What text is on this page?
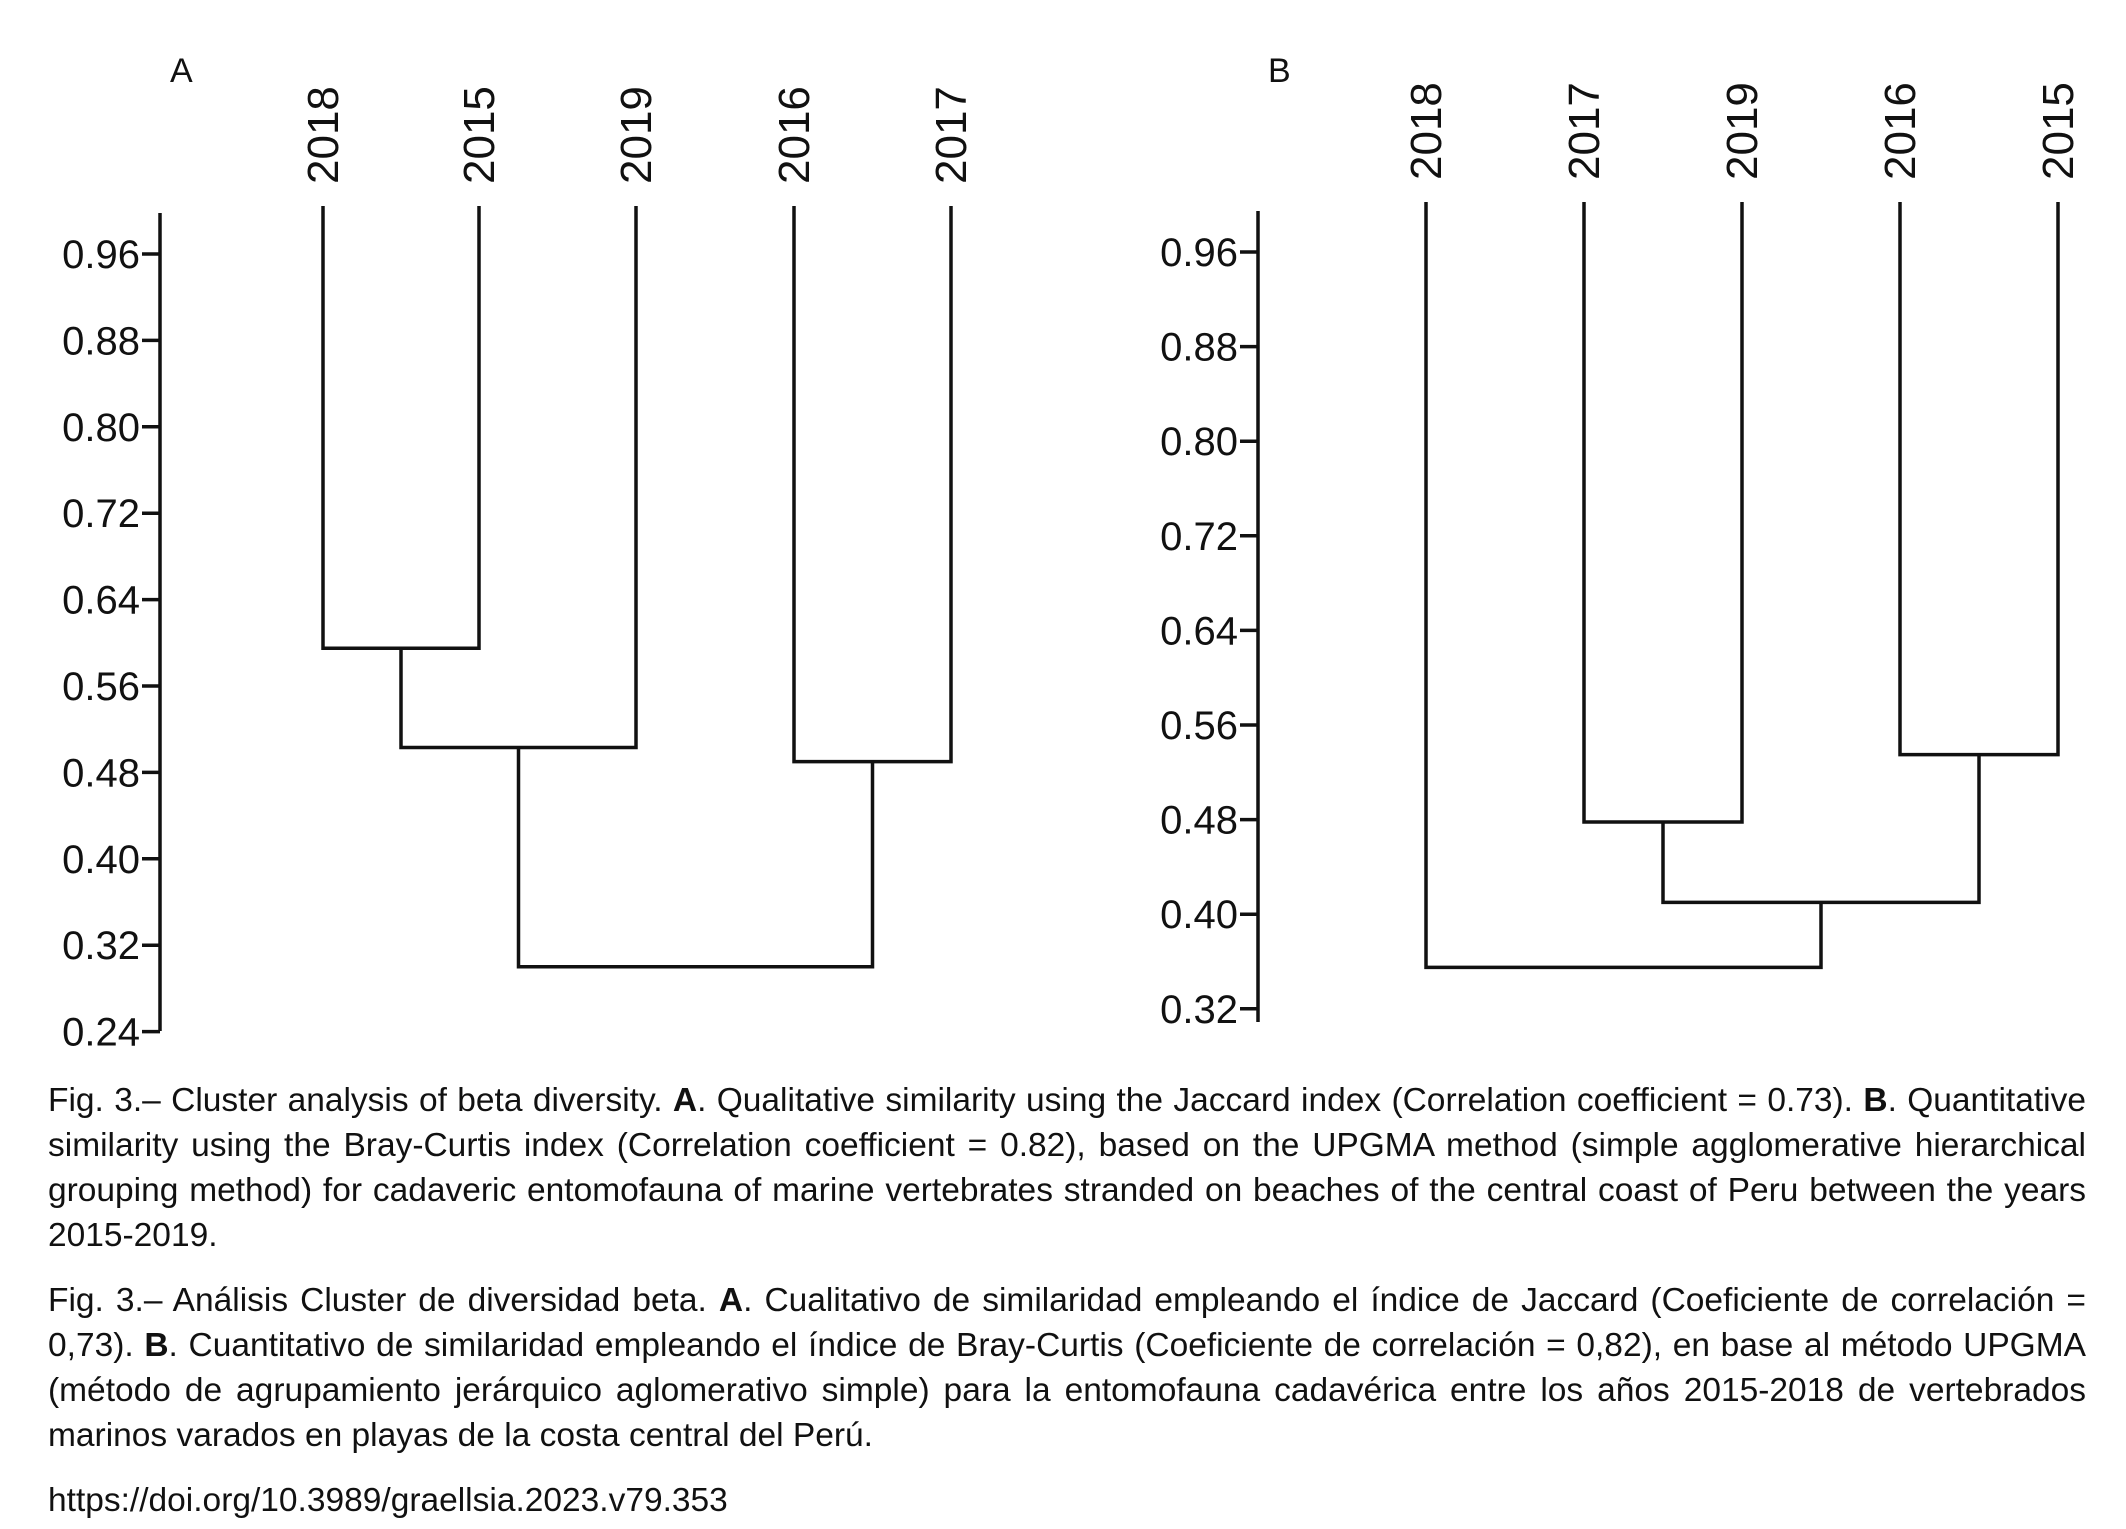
A
0.96
0.88
0.80
0.72
0.64
0.56
0.48
0.40
0.32
0.24
2018 2015 2019 2016 2017
B
0.96
0.88
0.80
0.72
0.64
0.56
0.48
0.40
0.32
2018 2017 2019 2016 2015

Fig. 3.– Cluster analysis of beta diversity. A. Qualitative similarity using the Jaccard index (Correlation coefficient = 0.73). B. Quantitative similarity using the Bray-Curtis index (Correlation coefficient = 0.82), based on the UPGMA method (simple agglomerative hierarchical grouping method) for cadaveric entomofauna of marine vertebrates stranded on beaches of the central coast of Peru between the years 2015-2019.

Fig. 3.– Análisis Cluster de diversidad beta. A. Cualitativo de similaridad empleando el índice de Jaccard (Coeficiente de correlación = 0,73). B. Cuantitativo de similaridad empleando el índice de Bray-Curtis (Coeficiente de correlación = 0,82), en base al método UPGMA (método de agrupamiento jerárquico aglomerativo simple) para la entomofauna cadavérica entre los años 2015-2018 de vertebrados marinos varados en playas de la costa central del Perú.

https://doi.org/10.3989/graellsia.2023.v79.353
